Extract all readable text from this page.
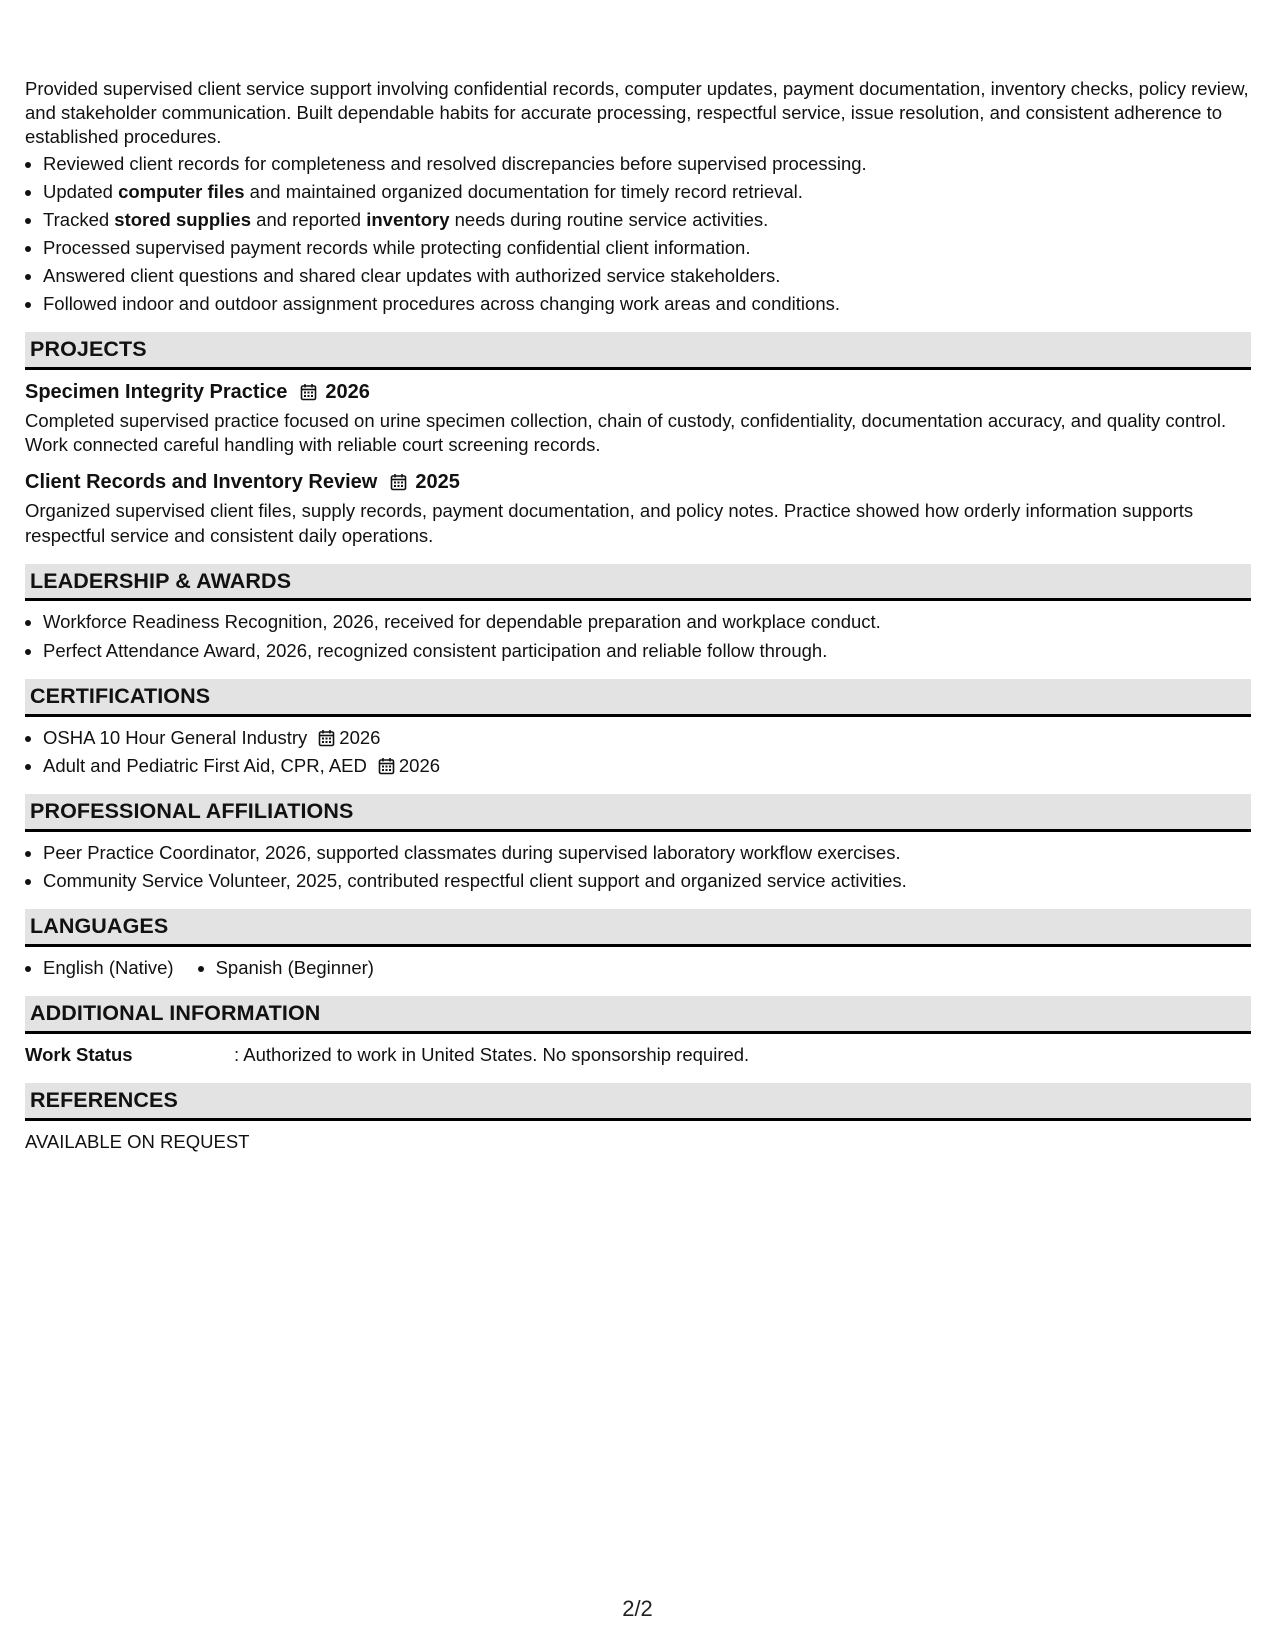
Provided supervised client service support involving confidential records, computer updates, payment documentation, inventory checks, policy review, and stakeholder communication. Built dependable habits for accurate processing, respectful service, issue resolution, and consistent adherence to established procedures.

• Reviewed client records for completeness and resolved discrepancies before supervised processing.
• Updated computer files and maintained organized documentation for timely record retrieval.
• Tracked stored supplies and reported inventory needs during routine service activities.
• Processed supervised payment records while protecting confidential client information.
• Answered client questions and shared clear updates with authorized service stakeholders.
• Followed indoor and outdoor assignment procedures across changing work areas and conditions.
PROJECTS
Specimen Integrity Practice 2026

Completed supervised practice focused on urine specimen collection, chain of custody, confidentiality, documentation accuracy, and quality control. Work connected careful handling with reliable court screening records.

Client Records and Inventory Review 2025

Organized supervised client files, supply records, payment documentation, and policy notes. Practice showed how orderly information supports respectful service and consistent daily operations.

LEADERSHIP & AWARDS
• Workforce Readiness Recognition, 2026, received for dependable preparation and workplace conduct.
• Perfect Attendance Award, 2026, recognized consistent participation and reliable follow through.
CERTIFICATIONS
• OSHA 10 Hour General Industry 2026
• Adult and Pediatric First Aid, CPR, AED 2026
PROFESSIONAL AFFILIATIONS
• Peer Practice Coordinator, 2026, supported classmates during supervised laboratory workflow exercises.
• Community Service Volunteer, 2025, contributed respectful client support and organized service activities.
LANGUAGES
• English (Native)
• Spanish (Beginner)
ADDITIONAL INFORMATION
Work Status	: Authorized to work in United States. No sponsorship required.
REFERENCES

AVAILABLE ON REQUEST

2/2
